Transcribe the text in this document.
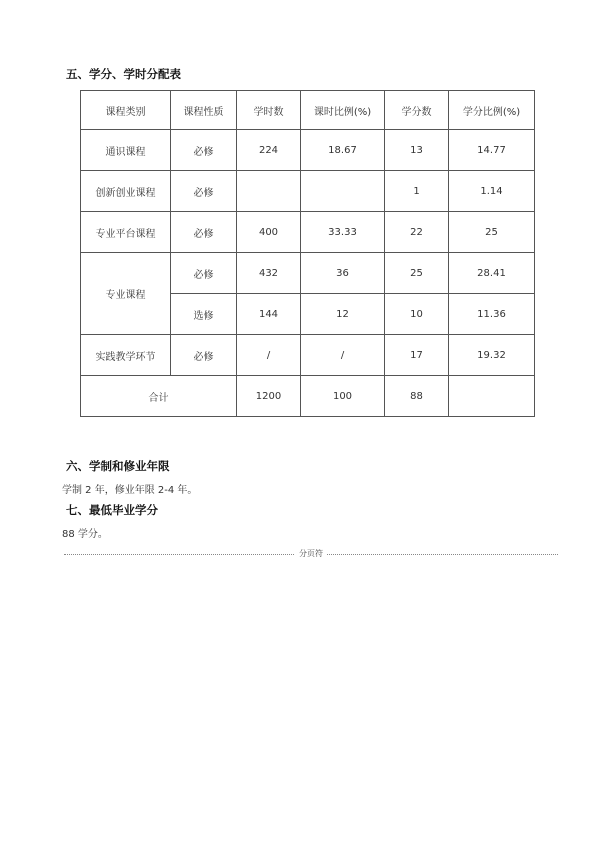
五、学分、学时分配表
课程类别	课程性质	学时数	课时比例(%)	学分数	学分比例(%)
通识课程	必修	224	18.67	13	14.77
创新创业课程	必修			1	1.14
专业平台课程	必修	400	33.33	22	25
专业课程	必修	432	36	25	28.41
	选修	144	12	10	11.36
实践教学环节	必修	/	/	17	19.32
合计		1200	100	88	
六、学制和修业年限
学制 2 年，修业年限 2-4 年。
七、最低毕业学分
88 学分。
分页符
